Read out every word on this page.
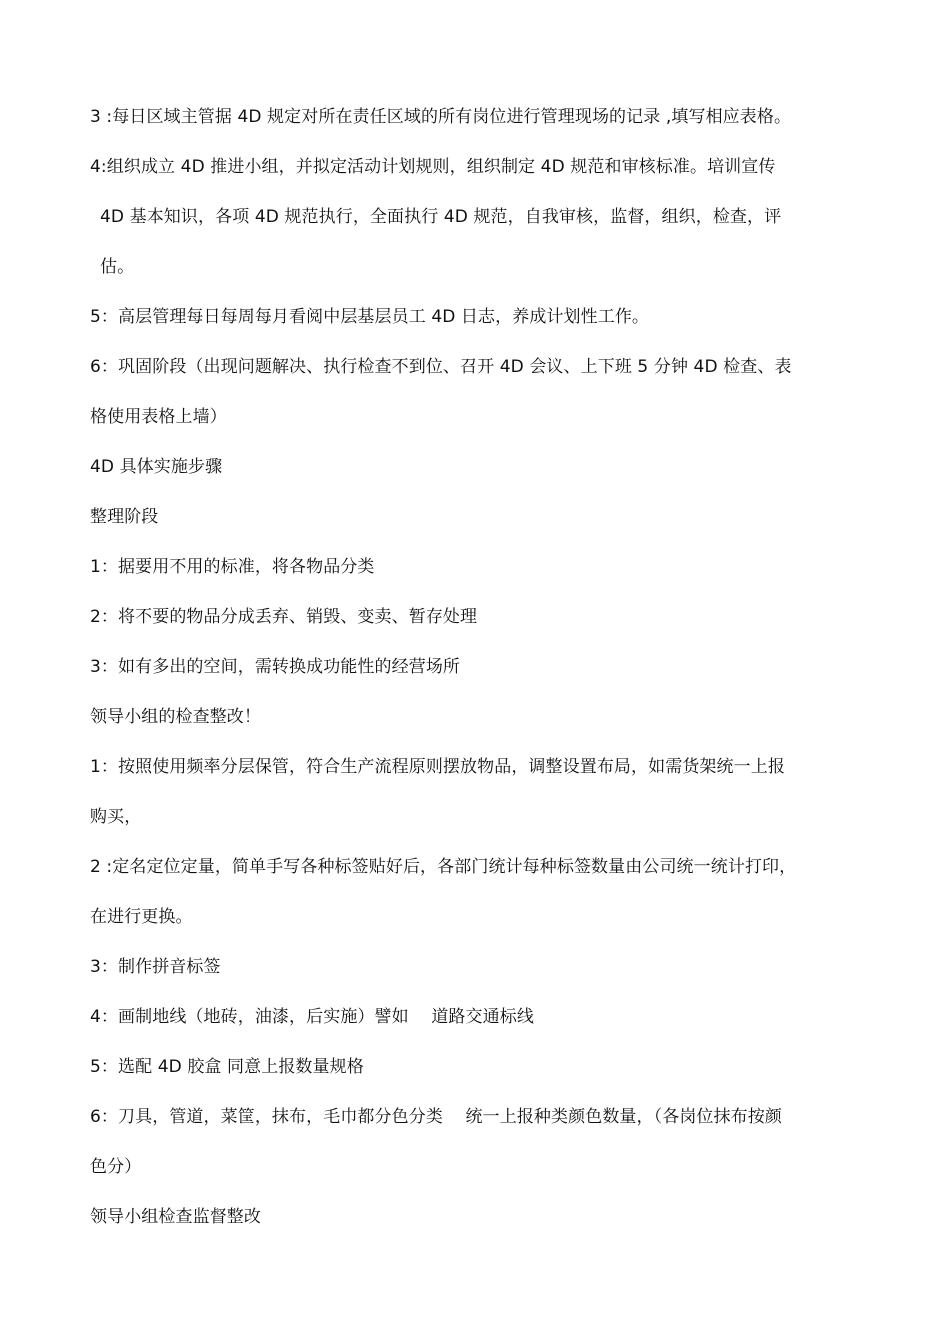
3 :每日区域主管据 4D 规定对所在责任区域的所有岗位进行管理现场的记录 ,填写相应表格。
4:组织成立 4D 推进小组，并拟定活动计划规则，组织制定 4D 规范和审核标准。培训宣传
4D 基本知识，各项 4D 规范执行，全面执行 4D 规范，自我审核，监督，组织，检查，评
估。
5：高层管理每日每周每月看阅中层基层员工 4D 日志，养成计划性工作。
6：巩固阶段（出现问题解决、执行检查不到位、召开 4D 会议、上下班 5 分钟 4D 检查、表
格使用表格上墙）
4D 具体实施步骤
整理阶段
1：据要用不用的标准，将各物品分类
2：将不要的物品分成丢弃、销毁、变卖、暂存处理
3：如有多出的空间，需转换成功能性的经营场所
领导小组的检查整改！
1：按照使用频率分层保管，符合生产流程原则摆放物品，调整设置布局，如需货架统一上报
购买，
2 :定名定位定量，简单手写各种标签贴好后，各部门统计每种标签数量由公司统一统计打印，
在进行更换。
3：制作拼音标签
4：画制地线（地砖，油漆，后实施）譬如　 道路交通标线
5：选配 4D 胶盒 同意上报数量规格
6：刀具，管道，菜筐，抹布，毛巾都分色分类　 统一上报种类颜色数量，（各岗位抹布按颜
色分）
领导小组检查监督整改
